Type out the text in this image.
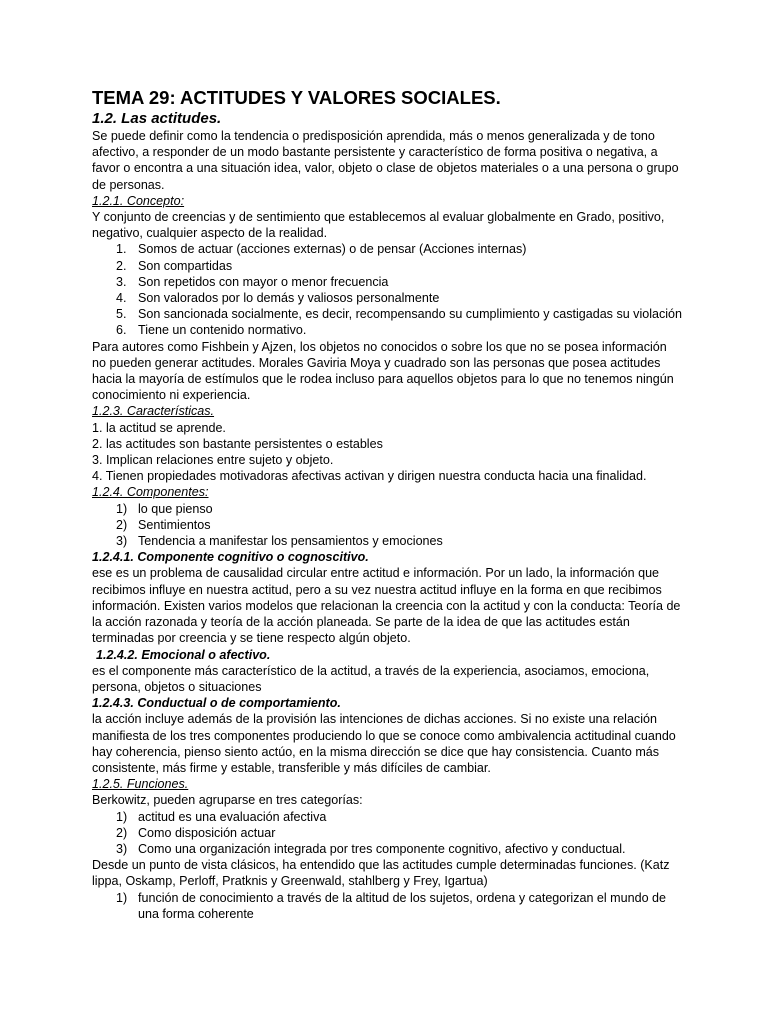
TEMA 29: ACTITUDES Y VALORES SOCIALES.
1.2. Las actitudes.

Se puede definir como la tendencia o predisposición aprendida, más o menos generalizada y de tono afectivo, a responder de un modo bastante persistente y característico de forma positiva o negativa, a favor o encontra a una situación idea, valor, objeto o clase de objetos materiales o a una persona o grupo de personas.

1.2.1. Concepto:

Y conjunto de creencias y de sentimiento que establecemos al evaluar globalmente en Grado, positivo, negativo, cualquier aspecto de la realidad.

1. Somos de actuar (acciones externas) o de pensar (Acciones internas)
2. Son compartidas
3. Son repetidos con mayor o menor frecuencia
4. Son valorados por lo demás y valiosos personalmente
5. Son sancionada socialmente, es decir, recompensando su cumplimiento y castigadas su violación
6. Tiene un contenido normativo.

Para autores como Fishbein y Ajzen, los objetos no conocidos o sobre los que no se posea información no pueden generar actitudes. Morales Gaviria Moya y cuadrado son las personas que posea actitudes hacia la mayoría de estímulos que le rodea incluso para aquellos objetos para lo que no tenemos ningún conocimiento ni experiencia.

1.2.3. Características.
1. la actitud se aprende.
2. las actitudes son bastante persistentes o estables
3. Implican relaciones entre sujeto y objeto.
4. Tienen propiedades motivadoras afectivas activan y dirigen nuestra conducta hacia una finalidad.
1.2.4. Componentes:
1) lo que pienso
2) Sentimientos
3) Tendencia a manifestar los pensamientos y emociones
1.2.4.1. Componente cognitivo o cognoscitivo.

ese es un problema de causalidad circular entre actitud e información. Por un lado, la información que recibimos influye en nuestra actitud, pero a su vez nuestra actitud influye en la forma en que recibimos información. Existen varios modelos que relacionan la creencia con la actitud y con la conducta: Teoría de la acción razonada y teoría de la acción planeada. Se parte de la idea de que las actitudes están terminadas por creencia y se tiene respecto algún objeto.

1.2.4.2. Emocional o afectivo.

es el componente más característico de la actitud, a través de la experiencia, asociamos, emociona, persona, objetos o situaciones

1.2.4.3. Conductual o de comportamiento.

la acción incluye además de la provisión las intenciones de dichas acciones. Si no existe una relación manifiesta de los tres componentes produciendo lo que se conoce como ambivalencia actitudinal cuando hay coherencia, pienso siento actúo, en la misma dirección se dice que hay consistencia. Cuanto más consistente, más firme y estable, transferible y más difíciles de cambiar.

1.2.5. Funciones.

Berkowitz, pueden agruparse en tres categorías:

1) actitud es una evaluación afectiva
2) Como disposición actuar
3) Como una organización integrada por tres componente cognitivo, afectivo y conductual.

Desde un punto de vista clásicos, ha entendido que las actitudes cumple determinadas funciones. (Katz lippa, Oskamp, Perloff, Pratknis y Greenwald, stahlberg y Frey, Igartua)

1) función de conocimiento a través de la altitud de los sujetos, ordena y categorizan el mundo de una forma coherente
